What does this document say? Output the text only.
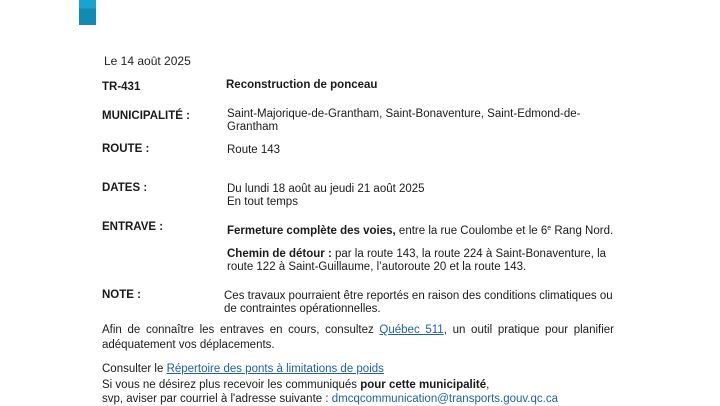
Le 14 août 2025
TR-431	Reconstruction de ponceau
MUNICIPALITÉ :	Saint-Majorique-de-Grantham, Saint-Bonaventure, Saint-Edmond-de-
Grantham
ROUTE :	Route 143
DATES :	Du lundi 18 août au jeudi 21 août 2025
En tout temps
ENTRAVE :	Fermeture complète des voies, entre la rue Coulombe et le 6e Rang Nord.
Chemin de détour : par la route 143, la route 224 à Saint-Bonaventure, la
route 122 à Saint-Guillaume, l’autoroute 20 et la route 143.
NOTE :	Ces travaux pourraient être reportés en raison des conditions climatiques ou
de contraintes opérationnelles.
Afin de connaître les entraves en cours, consultez Québec 511, un outil pratique pour planifier adéquatement vos déplacements.
Consulter le Répertoire des ponts à limitations de poids
Si vous ne désirez plus recevoir les communiqués pour cette municipalité,
svp, aviser par courriel à l'adresse suivante : dmcqcommunication@transports.gouv.qc.ca
